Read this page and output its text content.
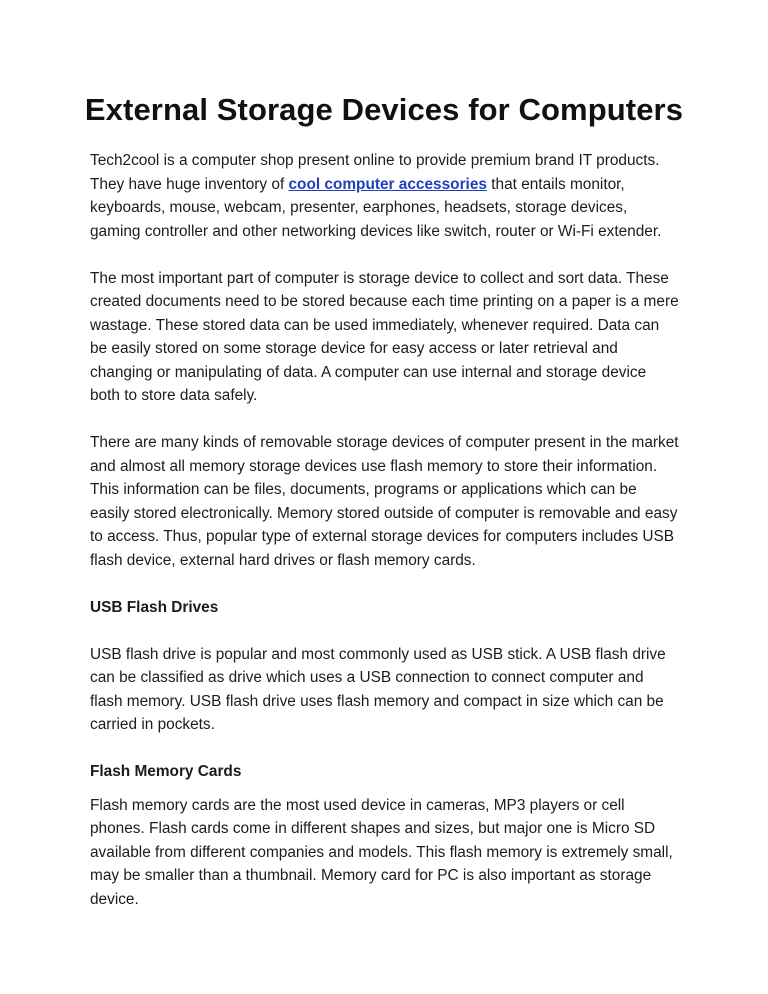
External Storage Devices for Computers

Tech2cool is a computer shop present online to provide premium brand IT products. They have huge inventory of cool computer accessories that entails monitor, keyboards, mouse, webcam, presenter, earphones, headsets, storage devices, gaming controller and other networking devices like switch, router or Wi-Fi extender.

The most important part of computer is storage device to collect and sort data. These created documents need to be stored because each time printing on a paper is a mere wastage. These stored data can be used immediately, whenever required. Data can be easily stored on some storage device for easy access or later retrieval and changing or manipulating of data. A computer can use internal and storage device both to store data safely.

There are many kinds of removable storage devices of computer present in the market and almost all memory storage devices use flash memory to store their information. This information can be files, documents, programs or applications which can be easily stored electronically. Memory stored outside of computer is removable and easy to access. Thus, popular type of external storage devices for computers includes USB flash device, external hard drives or flash memory cards.

USB Flash Drives

USB flash drive is popular and most commonly used as USB stick. A USB flash drive can be classified as drive which uses a USB connection to connect computer and flash memory. USB flash drive uses flash memory and compact in size which can be carried in pockets.

Flash Memory Cards

Flash memory cards are the most used device in cameras, MP3 players or cell phones. Flash cards come in different shapes and sizes, but major one is Micro SD available from different companies and models. This flash memory is extremely small, may be smaller than a thumbnail. Memory card for PC is also important as storage device.
